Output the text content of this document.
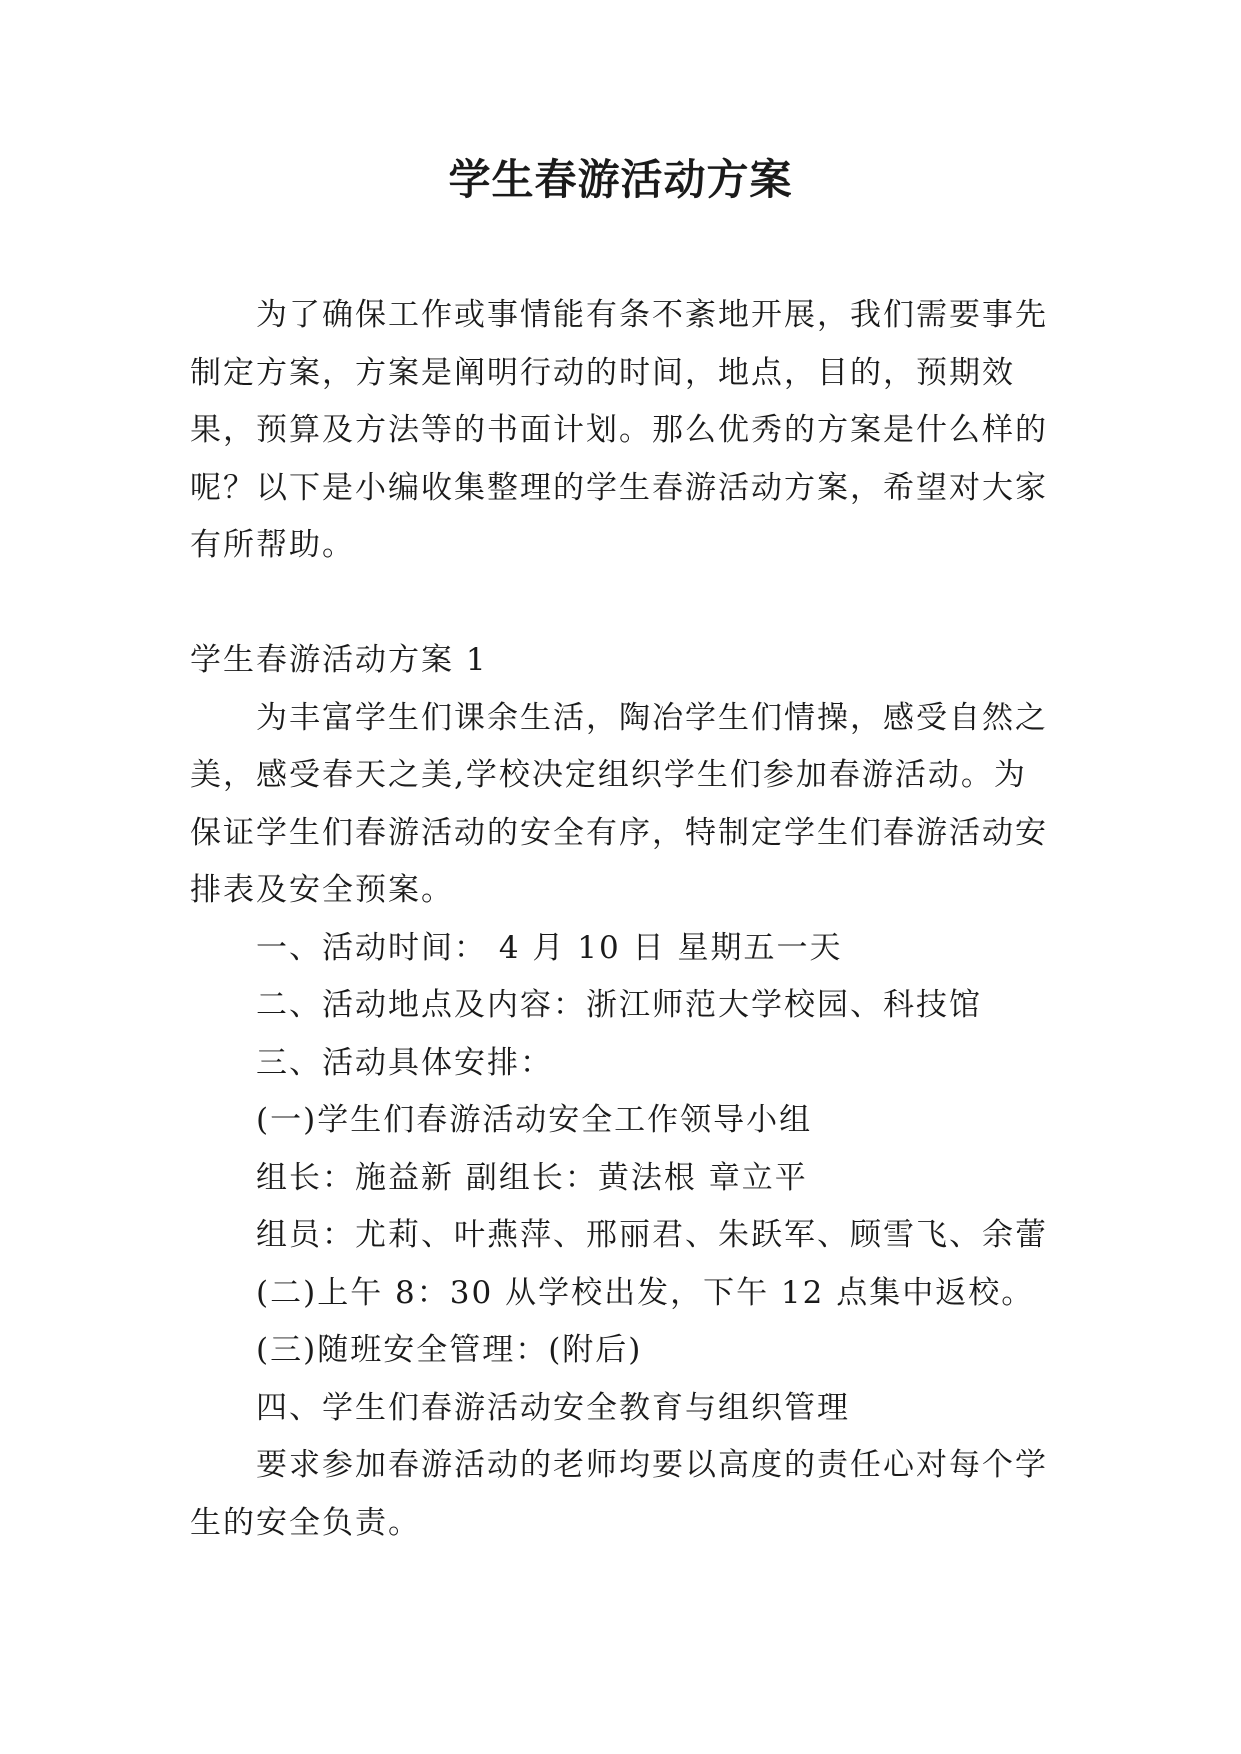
学生春游活动方案

为了确保工作或事情能有条不紊地开展，我们需要事先制定方案，方案是阐明行动的时间，地点，目的，预期效果，预算及方法等的书面计划。那么优秀的方案是什么样的呢？以下是小编收集整理的学生春游活动方案，希望对大家有所帮助。

学生春游活动方案 1

为丰富学生们课余生活，陶冶学生们情操，感受自然之美，感受春天之美,学校决定组织学生们参加春游活动。为保证学生们春游活动的安全有序，特制定学生们春游活动安排表及安全预案。

一、活动时间： 4 月 10 日 星期五一天

二、活动地点及内容：浙江师范大学校园、科技馆

三、活动具体安排：

(一)学生们春游活动安全工作领导小组

组长：施益新 副组长：黄法根 章立平

组员：尤莉、叶燕萍、邢丽君、朱跃军、顾雪飞、余蕾

(二)上午 8：30 从学校出发，下午 12 点集中返校。

(三)随班安全管理：(附后)

四、学生们春游活动安全教育与组织管理

要求参加春游活动的老师均要以高度的责任心对每个学生的安全负责。
